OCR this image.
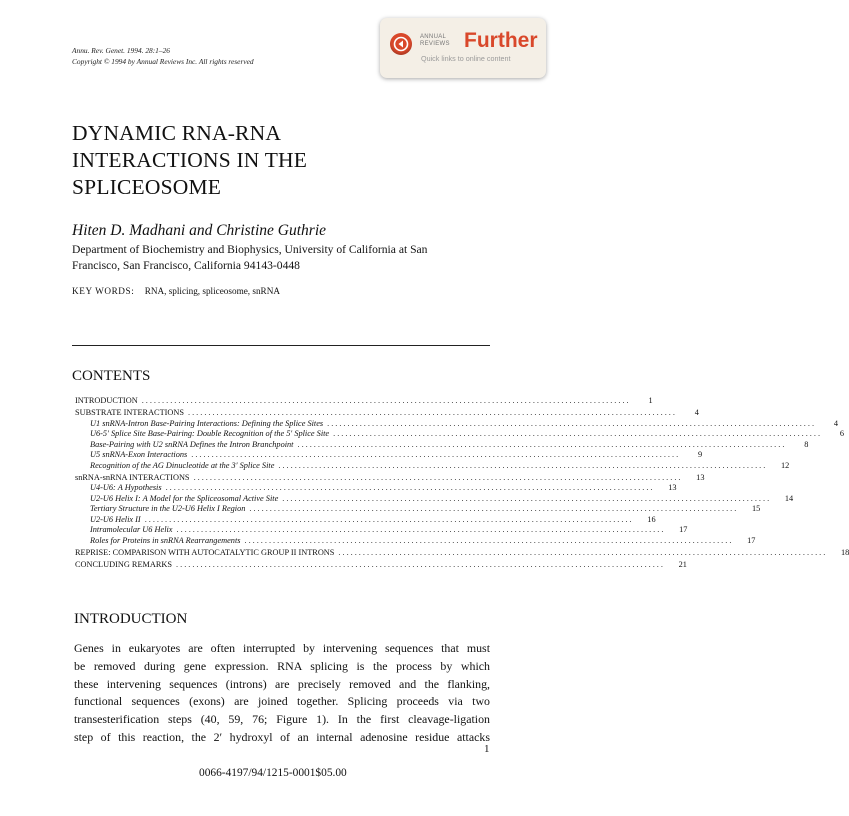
Annu. Rev. Genet. 1994. 28:1–26
Copyright © 1994 by Annual Reviews Inc. All rights reserved
ANNUAL
REVIEWS Further
Quick links to online content
DYNAMIC RNA-RNA
INTERACTIONS IN THE
SPLICEOSOME
Hiten D. Madhani and Christine Guthrie
Department of Biochemistry and Biophysics, University of California at San
Francisco, San Francisco, California 94143-0448
KEY WORDS: RNA, splicing, spliceosome, snRNA
CONTENTS
INTRODUCTION ........................................................................................................................	1
SUBSTRATE INTERACTIONS ........................................................................................................................	4
U1 snRNA-Intron Base-Pairing Interactions: Defining the Splice Sites ........................................................................................................................	4
U6-5′ Splice Site Base-Pairing: Double Recognition of the 5′ Splice Site ........................................................................................................................	6
Base-Pairing with U2 snRNA Defines the Intron Branchpoint ........................................................................................................................	8
U5 snRNA-Exon Interactions ........................................................................................................................	9
Recognition of the AG Dinucleotide at the 3′ Splice Site ........................................................................................................................	12
snRNA-snRNA INTERACTIONS ........................................................................................................................	13
U4-U6: A Hypothesis ........................................................................................................................	13
U2-U6 Helix I: A Model for the Spliceosomal Active Site ........................................................................................................................	14
Tertiary Structure in the U2-U6 Helix I Region ........................................................................................................................	15
U2-U6 Helix II ........................................................................................................................	16
Intramolecular U6 Helix ........................................................................................................................	17
Roles for Proteins in snRNA Rearrangements ........................................................................................................................	17
REPRISE: COMPARISON WITH AUTOCATALYTIC GROUP II INTRONS ........................................................................................................................	18
CONCLUDING REMARKS ........................................................................................................................	21
INTRODUCTION
Genes in eukaryotes are often interrupted by intervening sequences that must
be removed during gene expression. RNA splicing is the process by which
these intervening sequences (introns) are precisely removed and the flanking,
functional sequences (exons) are joined together. Splicing proceeds via two
transesterification steps (40, 59, 76; Figure 1). In the first cleavage-ligation
step of this reaction, the 2′ hydroxyl of an internal adenosine residue attacks
1
0066-4197/94/1215-0001$05.00
